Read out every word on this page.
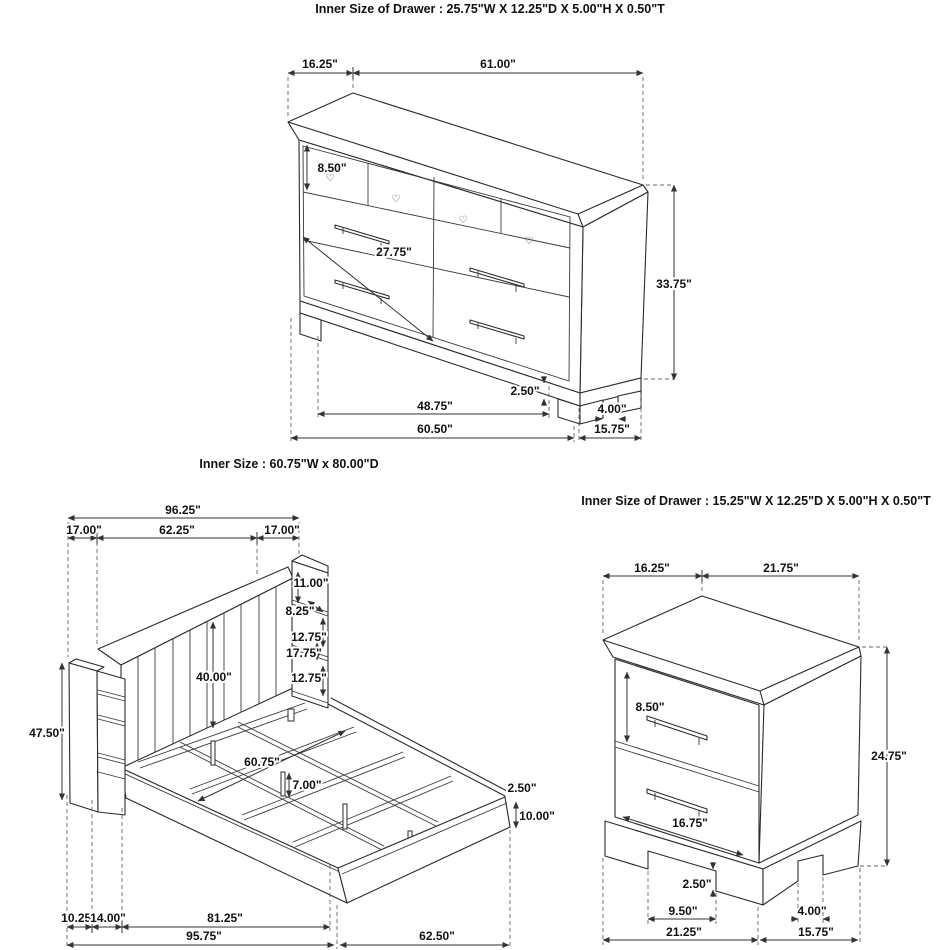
Inner Size of Drawer : 25.75"W X 12.25"D X 5.00"H X 0.50"T
Inner Size : 60.75"W x 80.00"D
Inner Size of Drawer : 15.25"W X 12.25"D X 5.00"H X 0.50"T
♡
♡
♡
♡
16.25"	61.00"
8.50"
27.75"
33.75"
2.50"
48.75"	4.00"
60.50"	15.75"
96.25"
17.00"	62.25"	17.00"
11.00"
8.25"
12.75"
17.75"
12.75"
40.00"
47.50"
60.75"
7.00"	2.50"
10.00"
10.25"
14.00"	81.25"
95.75"	62.50"
16.25"	21.75"
8.50"
24.75"
16.75"
2.50"
9.50"	4.00"
21.25"	15.75"
